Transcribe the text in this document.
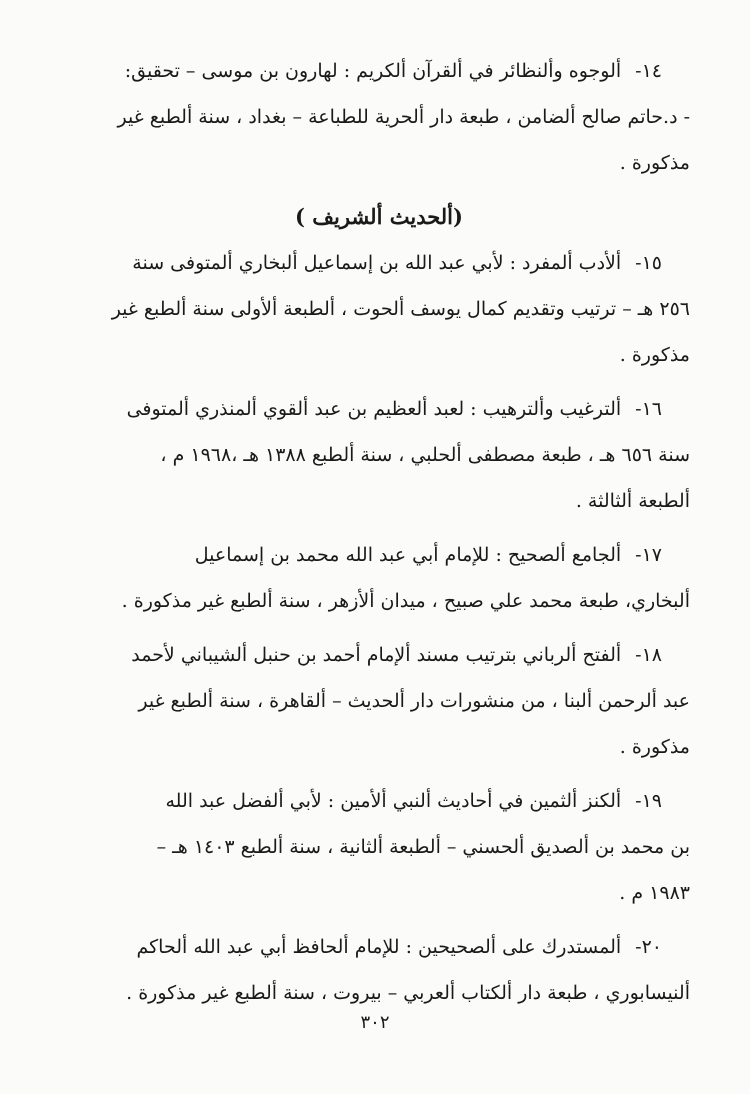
١٤-ألوجوه وألنظائر في ألقرآن ألكريم : لهارون بن موسى – تحقيق:
- د.حاتم صالح ألضامن ، طبعة دار ألحرية للطباعة – بغداد ، سنة ألطبع غير
مذكورة .
(ألحديث ألشريف )
١٥-ألأدب ألمفرد : لأبي عبد الله بن إسماعيل ألبخاري ألمتوفى سنة
٢٥٦ هـ – ترتيب وتقديم كمال يوسف ألحوت ، ألطبعة ألأولى سنة ألطبع غير
مذكورة .
١٦-ألترغيب وألترهيب : لعبد ألعظيم بن عبد ألقوي ألمنذري ألمتوفى
سنة ٦٥٦ هـ ، طبعة مصطفى ألحلبي ، سنة ألطبع ١٣٨٨ هـ ،١٩٦٨ م ،
ألطبعة ألثالثة .
١٧-ألجامع ألصحيح : للإمام أبي عبد الله محمد بن إسماعيل
ألبخاري، طبعة محمد علي صبيح ، ميدان ألأزهر ، سنة ألطبع غير مذكورة .
١٨-ألفتح ألرباني بترتيب مسند ألإمام أحمد بن حنبل ألشيباني لأحمد
عبد ألرحمن ألبنا ، من منشورات دار ألحديث – ألقاهرة ، سنة ألطبع غير
مذكورة .
١٩-ألكنز ألثمين في أحاديث ألنبي ألأمين : لأبي ألفضل عبد الله
بن محمد بن ألصديق ألحسني – ألطبعة ألثانية ، سنة ألطبع ١٤٠٣ هـ –
١٩٨٣ م .
٢٠-ألمستدرك على ألصحيحين : للإمام ألحافظ أبي عبد الله ألحاكم
ألنيسابوري ، طبعة دار ألكتاب ألعربي – بيروت ، سنة ألطبع غير مذكورة .
٣٠٢
